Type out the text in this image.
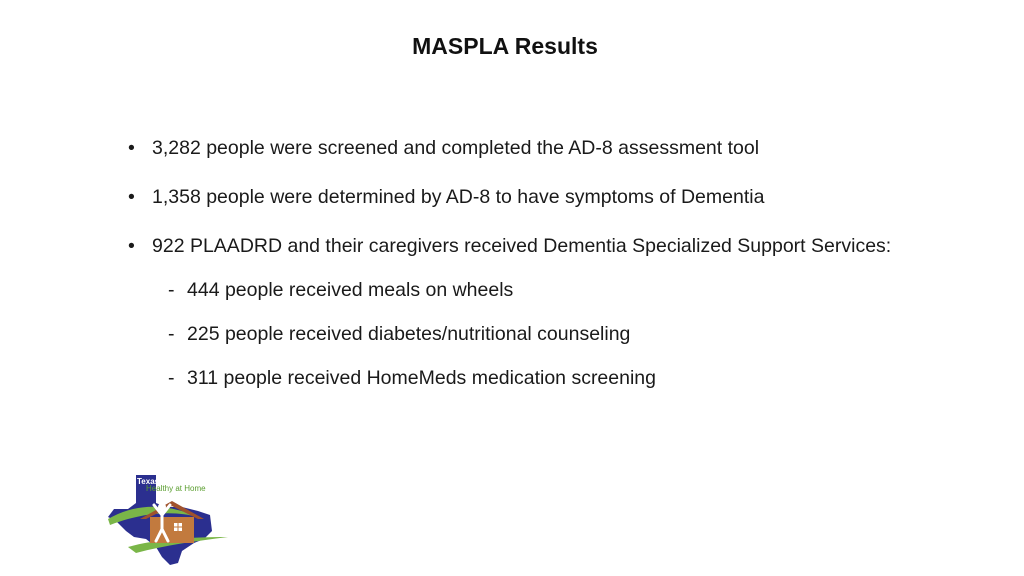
MASPLA Results
• 3,282 people were screened and completed the AD-8 assessment tool
• 1,358 people were determined by AD-8 to have symptoms of Dementia
• 922 PLAADRD and their caregivers received Dementia Specialized Support Services:
- 444 people received meals on wheels
- 225 people received diabetes/nutritional counseling
- 311 people received HomeMeds medication screening
Texas
Healthy at Home
